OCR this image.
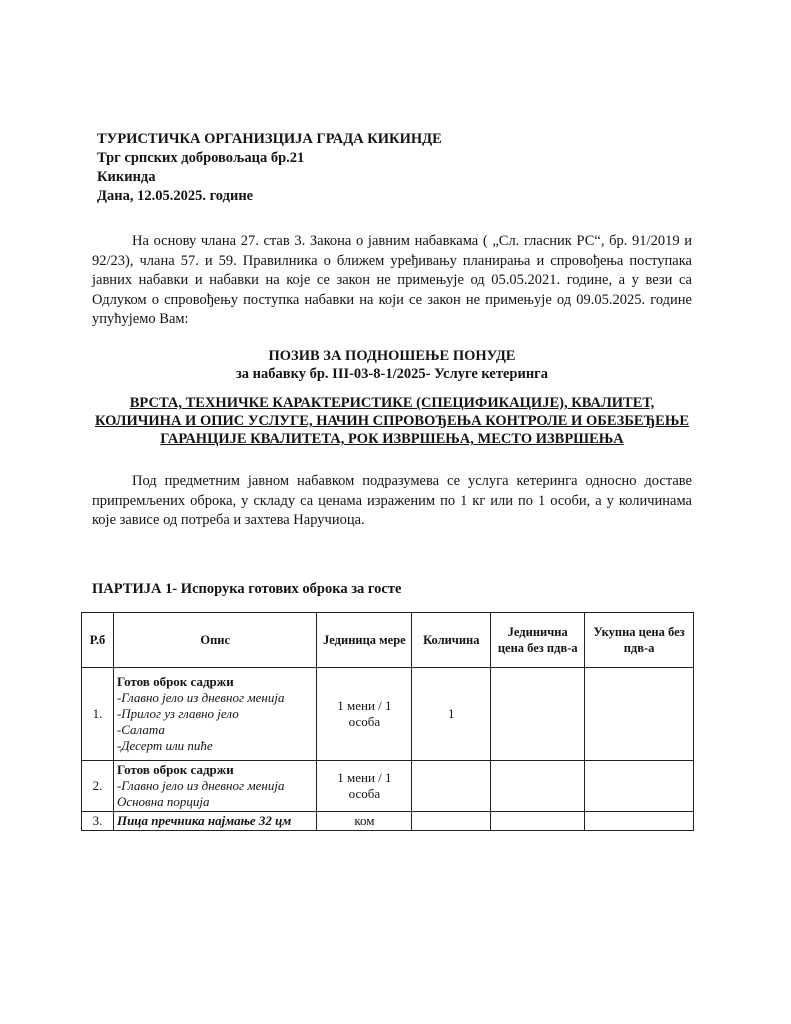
ТУРИСТИЧКА ОРГАНИЗЦИЈА ГРАДА КИКИНДЕ
Трг српских добровољаца бр.21
Кикинда
Дана, 12.05.2025. године
На основу члана 27. став 3. Закона о јавним набавкама ( „Сл. гласник РС“, бр. 91/2019 и 92/23), члана 57. и 59. Правилника о ближем уређивању планирања и спровођења поступака јавних набавки и набавки на које се закон не примењује од 05.05.2021. године, а у вези са Одлуком о спровођењу поступка набавки на који се закон не примењује од 09.05.2025. године упућујемо Вам:
ПОЗИВ ЗА ПОДНОШЕЊЕ ПОНУДЕ
за набавку бр. III-03-8-1/2025- Услуге кетеринга
ВРСТА, ТЕХНИЧКЕ КАРАКТЕРИСТИКЕ (СПЕЦИФИКАЦИЈЕ), КВАЛИТЕТ, КОЛИЧИНА И ОПИС УСЛУГЕ, НАЧИН СПРОВОЂЕЊА КОНТРОЛЕ И ОБЕЗБЕЂЕЊЕ ГАРАНЦИЈЕ КВАЛИТЕТА, РОК ИЗВРШЕЊА, МЕСТО ИЗВРШЕЊА
Под предметним јавном набавком подразумева се услуга кетеринга односно доставе припремљених оброка, у складу са ценама израженим по 1 кг или по 1 особи, а у количинама које зависе од потреба и захтева Наручиоца.
ПАРТИЈА 1- Испорука готових оброка за госте
Р.б	Опис	Јединица мере	Количина	Јединична цена без пдв-а	Укупна цена без пдв-а
1.	Готов оброк садржи
-Главно јело из дневног менија
-Прилог уз главно јело
-Салата
-Десерт или пиће	1 мени / 1 особа	1		
2.	Готов оброк садржи
-Главно јело из дневног менија
Основна порција	1 мени / 1 особа			
3.	Пица пречника најмање 32 цм	ком			
